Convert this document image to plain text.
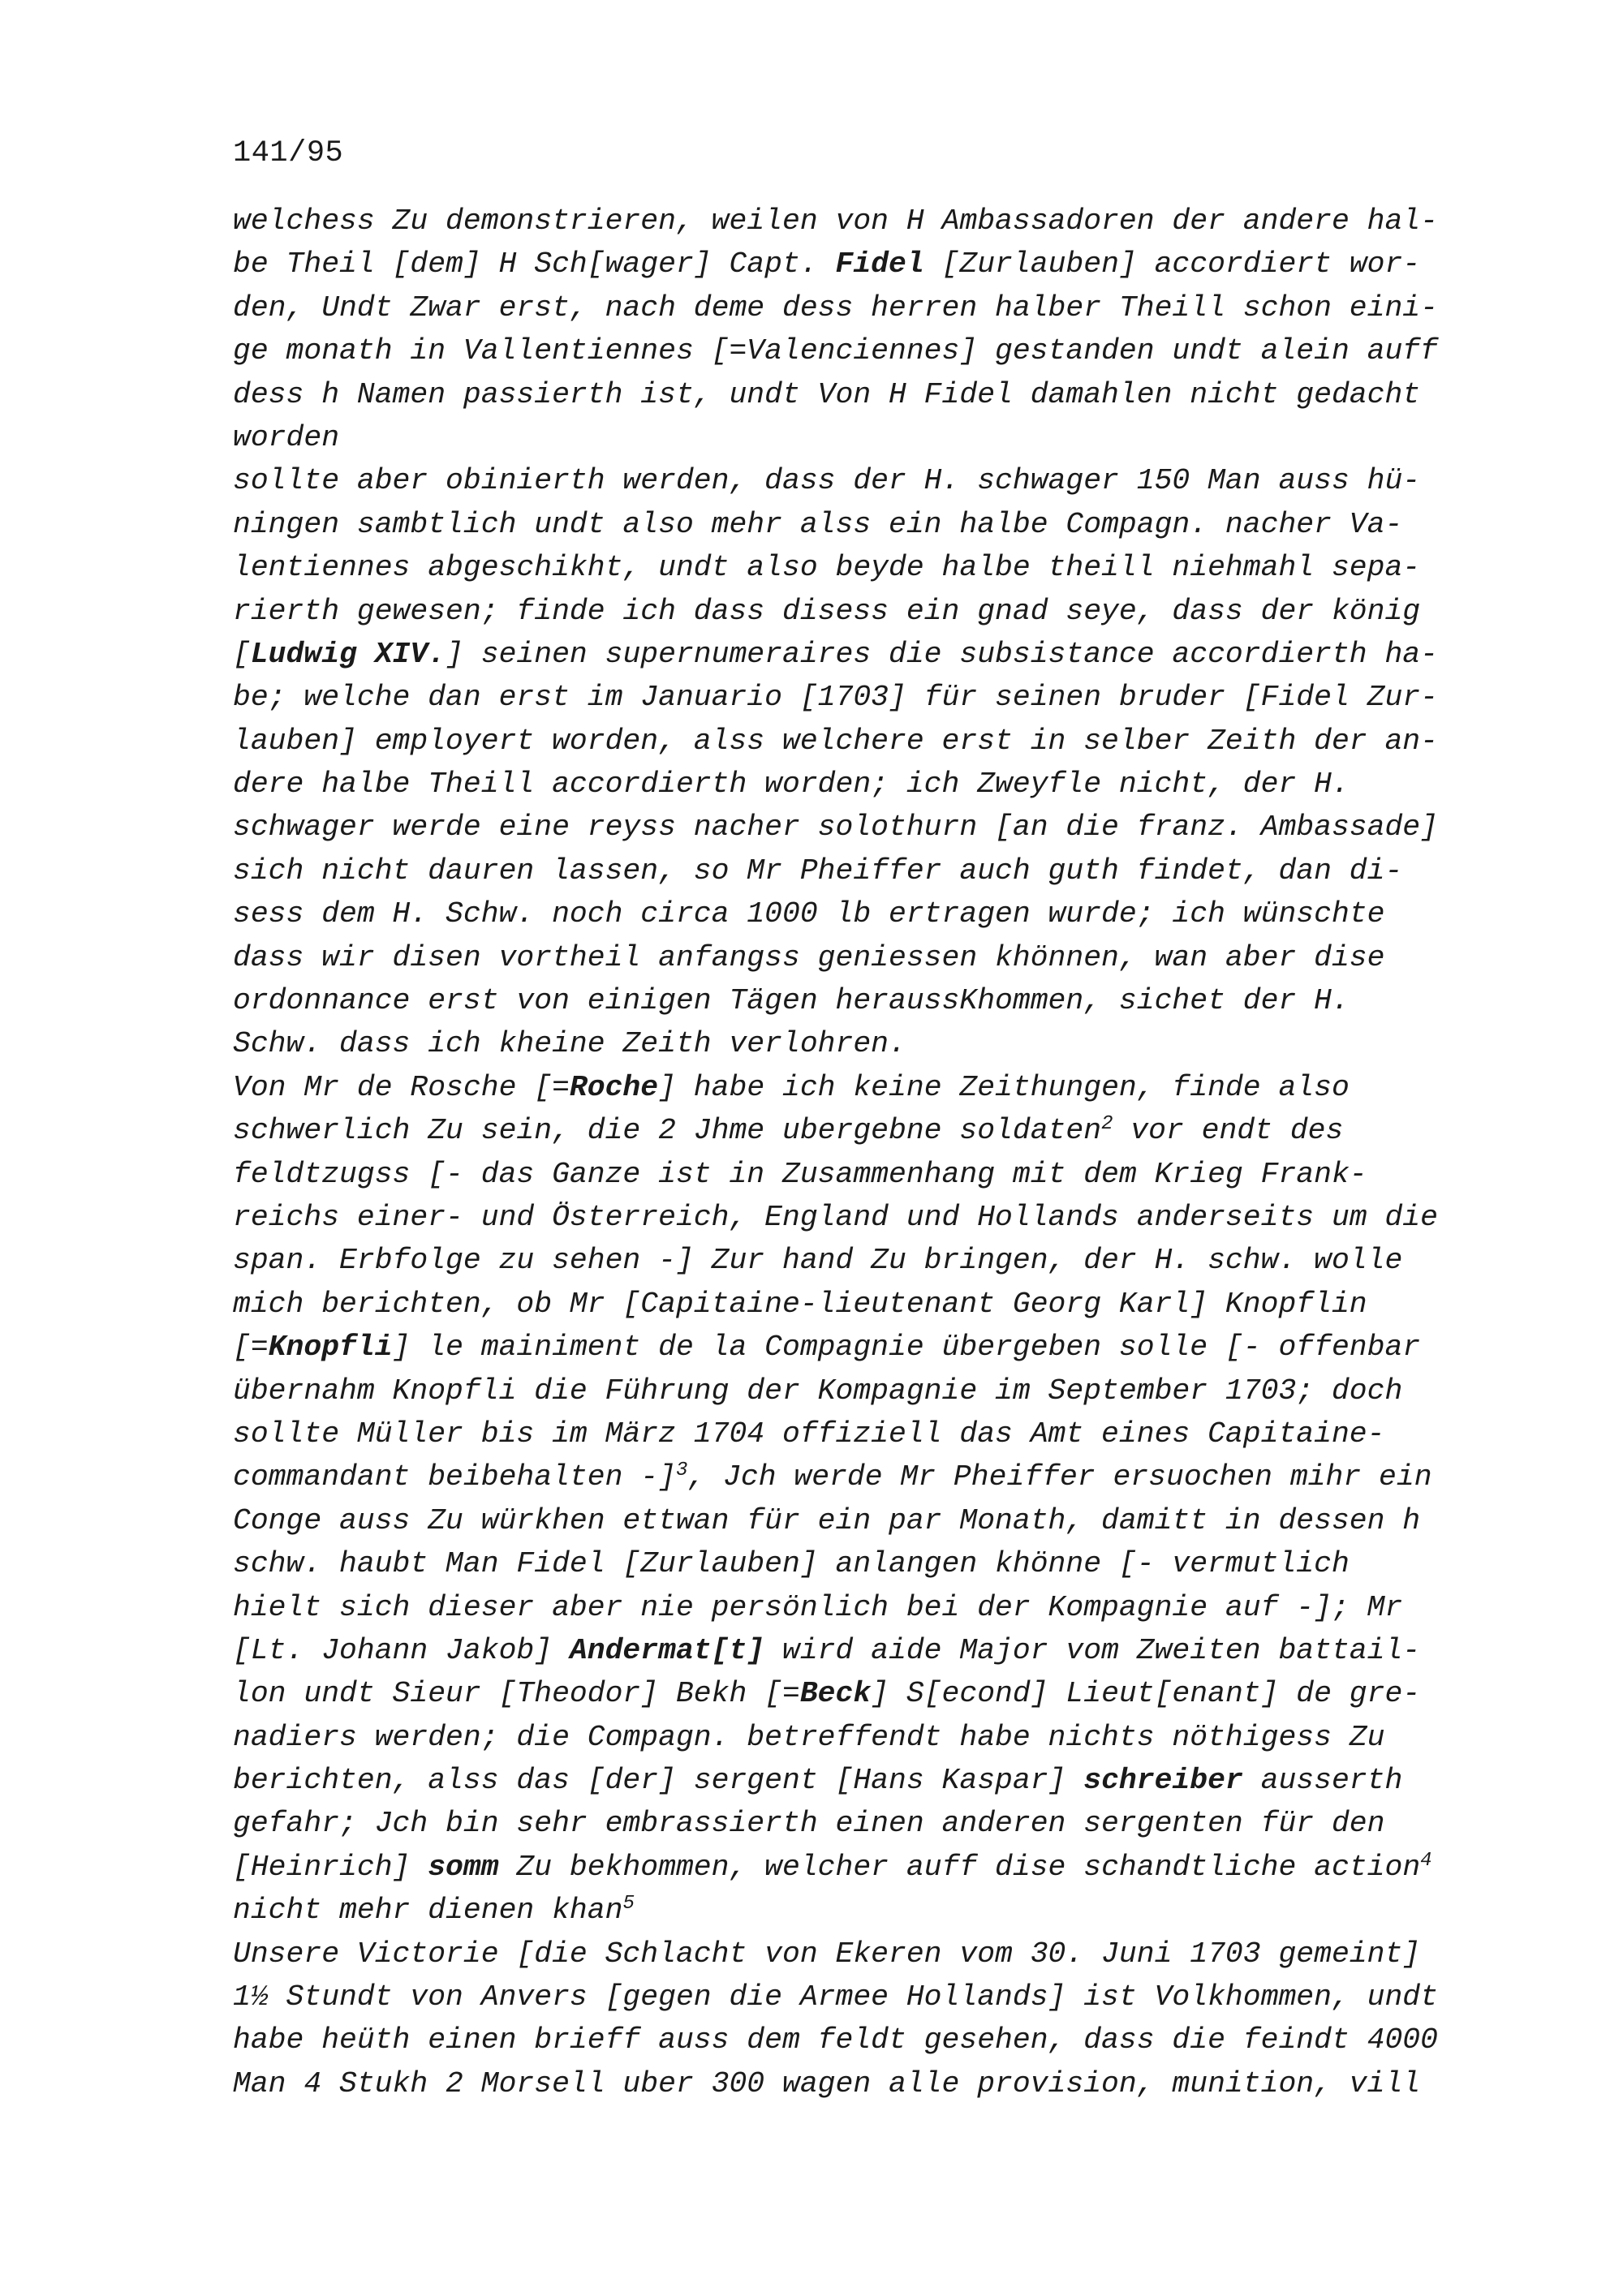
141/95
welchess Zu demonstrieren, weilen von H Ambassadoren der andere hal-
be Theil [dem] H Sch[wager] Capt. Fidel [Zurlauben] accordiert wor-
den, Undt Zwar erst, nach deme dess herren halber Theill schon eini-
ge monath in Vallentiennes [=Valenciennes] gestanden undt alein auff
dess h Namen passierth ist, undt Von H Fidel damahlen nicht gedacht
worden
sollte aber obinierth werden, dass der H. schwager 150 Man auss hü-
ningen sambtlich undt also mehr alss ein halbe Compagn. nacher Va-
lentiennes abgeschikht, undt also beyde halbe theill niehmahl sepa-
rierth gewesen; finde ich dass disess ein gnad seye, dass der könig
[Ludwig XIV.] seinen supernumeraires die subsistance accordierth ha-
be; welche dan erst im Januario [1703] für seinen bruder [Fidel Zur-
lauben] employert worden, alss welchere erst in selber Zeith der an-
dere halbe Theill accordierth worden; ich Zweyfle nicht, der H.
schwager werde eine reyss nacher solothurn [an die franz. Ambassade]
sich nicht dauren lassen, so Mr Pheiffer auch guth findet, dan di-
sess dem H. Schw. noch circa 1000 lb ertragen wurde; ich wünschte
dass wir disen vortheil anfangss geniessen khönnen, wan aber dise
ordonnance erst von einigen Tägen heraussKhommen, sichet der H.
Schw. dass ich kheine Zeith verlohren.
Von Mr de Rosche [=Roche] habe ich keine Zeithungen, finde also
schwerlich Zu sein, die 2 Jhme ubergebne soldaten$^2$ vor endt des
feldtzugss [- das Ganze ist in Zusammenhang mit dem Krieg Frank-
reichs einer- und Österreich, England und Hollands anderseits um die
span. Erbfolge zu sehen -] Zur hand Zu bringen, der H. schw. wolle
mich berichten, ob Mr [Capitaine-lieutenant Georg Karl] Knopflin
[=Knopfli] le mainiment de la Compagnie übergeben solle [- offenbar
übernahm Knopfli die Führung der Kompagnie im September 1703; doch
sollte Müller bis im März 1704 offiziell das Amt eines Capitaine-
commandant beibehalten -]$^3$, Jch werde Mr Pheiffer ersuochen mihr ein
Conge auss Zu würkhen ettwan für ein par Monath, damitt in dessen h
schw. haubt Man Fidel [Zurlauben] anlangen khönne [- vermutlich
hielt sich dieser aber nie persönlich bei der Kompagnie auf -]; Mr
[Lt. Johann Jakob] Andermat[t] wird aide Major vom Zweiten battail-
lon undt Sieur [Theodor] Bekh [=Beck] S[econd] Lieut[enant] de gre-
nadiers werden; die Compagn. betreffendt habe nichts nöthigess Zu
berichten, alss das [der] sergent [Hans Kaspar] schreiber ausserth
gefahr; Jch bin sehr embrassierth einen anderen sergenten für den
[Heinrich] somm Zu bekhommen, welcher auff dise schandtliche action$^4$
nicht mehr dienen khan$^5$
Unsere Victorie [die Schlacht von Ekeren vom 30. Juni 1703 gemeint]
1½ Stundt von Anvers [gegen die Armee Hollands] ist Volkhommen, undt
habe heüth einen brieff auss dem feldt gesehen, dass die feindt 4000
Man 4 Stukh 2 Morsell uber 300 wagen alle provision, munition, vill
